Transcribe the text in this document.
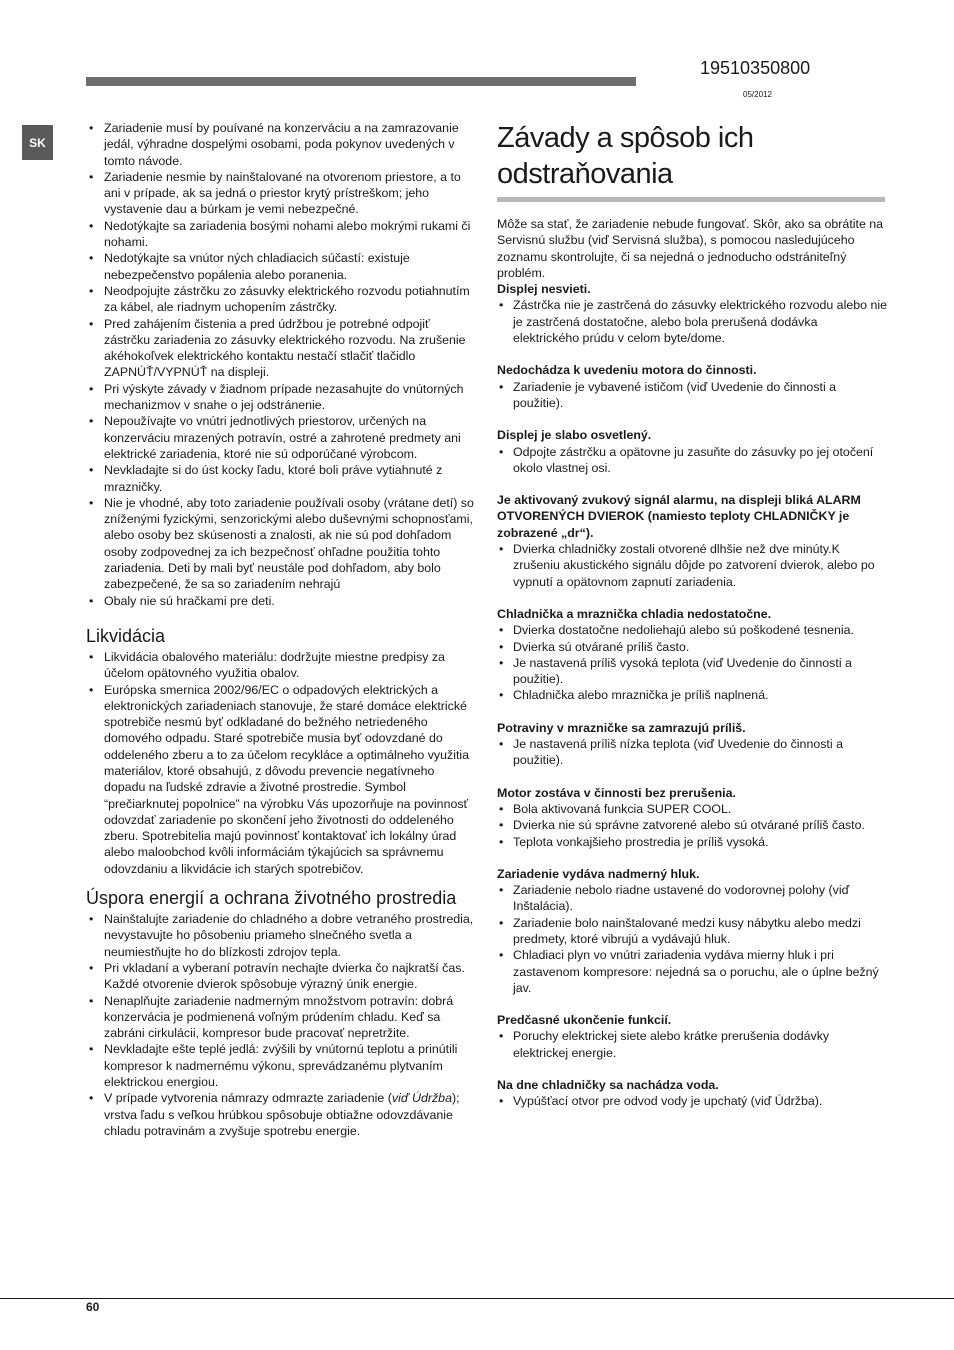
19510350800
05/2012
SK
• Zariadenie musí by pouívané na konzerváciu a na zamrazovanie jedál, výhradne dospelými osobami, poda pokynov uvedených v tomto návode.
• Zariadenie nesmie by nainštalované na otvorenom priestore, a to ani v prípade, ak sa jedná o priestor krytý prístreškom; jeho vystavenie dau a búrkam je vemi nebezpečné.
• Nedotýkajte sa zariadenia bosými nohami alebo mokrými rukami či nohami.
• Nedotýkajte sa vnútor ných chladiacich súčastí: existuje nebezpečenstvo popálenia alebo poranenia.
• Neodpojujte zástrčku zo zásuvky elektrického rozvodu potiahnutím za kábel, ale riadnym uchopením zástrčky.
• Pred zahájením čistenia a pred údržbou je potrebné odpojiť zástrčku zariadenia zo zásuvky elektrického rozvodu. Na zrušenie akéhokoľvek elektrického kontaktu nestačí stlačiť tlačidlo ZAPNÚŤ/VYPNÚŤ na displeji.
• Pri výskyte závady v žiadnom prípade nezasahujte do vnútorných mechanizmov v snahe o jej odstránenie.
• Nepoužívajte vo vnútri jednotlivých priestorov, určených na konzerváciu mrazených potravín, ostré a zahrotené predmety ani elektrické zariadenia, ktoré nie sú odporúčané výrobcom.
• Nevkladajte si do úst kocky ľadu, ktoré boli práve vytiahnuté z mrazničky.
• Nie je vhodné, aby toto zariadenie používali osoby (vrátane detí) so zníženými fyzickými, senzorickými alebo duševnými schopnosťami, alebo osoby bez skúsenosti a znalosti, ak nie sú pod dohľadom osoby zodpovednej za ich bezpečnosť ohľadne použitia tohto zariadenia. Deti by mali byť neustále pod dohľadom, aby bolo zabezpečené, že sa so zariadením nehrajú
• Obaly nie sú hračkami pre deti.
Likvidácia
• Likvidácia obalového materiálu: dodržujte miestne predpisy za účelom opätovného využitia obalov.
• Európska smernica 2002/96/EC o odpadových elektrických a elektronických zariadeniach stanovuje, že staré domáce elektrické spotrebiče nesmú byť odkladané do bežného netriedeného domového odpadu. Staré spotrebiče musia byť odovzdané do oddeleného zberu a to za účelom recykláce a optimálneho využitia materiálov, ktoré obsahujú, z dôvodu prevencie negatívneho dopadu na ľudské zdravie a životné prostredie. Symbol “prečiarknutej popolnice” na výrobku Vás upozorňuje na povinnosť odovzdať zariadenie po skončení jeho životnosti do oddeleného zberu. Spotrebitelia majú povinnosť kontaktovať ich lokálny úrad alebo maloobchod kvôli informáciám týkajúcich sa správnemu odovzdaniu a likvidácie ich starých spotrebičov.
Úspora energií a ochrana životného prostredia
• Nainštalujte zariadenie do chladného a dobre vetraného prostredia, nevystavujte ho pôsobeniu priameho slnečného svetla a neumiestňujte ho do blízkosti zdrojov tepla.
• Pri vkladaní a vyberaní potravín nechajte dvierka čo najkratší čas. Každé otvorenie dvierok spôsobuje výrazný únik energie.
• Nenaplňujte zariadenie nadmerným množstvom potravín: dobrá konzervácia je podmienená voľným prúdením chladu. Keď sa zabráni cirkulácii, kompresor bude pracovať nepretržite.
• Nevkladajte ešte teplé jedlá: zvýšili by vnútornú teplotu a prinútili kompresor k nadmernému výkonu, sprevádzanému plytvaním elektrickou energiou.
• V prípade vytvorenia námrazy odmrazte zariadenie (viď Údržba); vrstva ľadu s veľkou hrúbkou spôsobuje obtiažne odovzdávanie chladu potravinám a zvyšuje spotrebu energie.
Závady a spôsob ich odstraňovania

Môže sa stať, že zariadenie nebude fungovať. Skôr, ako sa obrátite na Servisnú službu (viď Servisná služba), s pomocou nasledujúceho zoznamu skontrolujte, či sa nejedná o jednoducho odstrániteľný problém.

Displej nesvieti.

• Zástrčka nie je zastrčená do zásuvky elektrického rozvodu alebo nie je zastrčená dostatočne, alebo bola prerušená dodávka elektrického prúdu v celom byte/dome.

Nedochádza k uvedeniu motora do činnosti.

• Zariadenie je vybavené ističom (viď Uvedenie do činnosti a použitie).

Displej je slabo osvetlený.

• Odpojte zástrčku a opätovne ju zasuňte do zásuvky po jej otočení okolo vlastnej osi.

Je aktivovaný zvukový signál alarmu, na displeji bliká ALARM OTVORENÝCH DVIEROK (namiesto teploty CHLADNIČKY je zobrazené „dr“).

• Dvierka chladničky zostali otvorené dlhšie než dve minúty.K zrušeniu akustického signálu dôjde po zatvorení dvierok, alebo po vypnutí a opätovnom zapnutí zariadenia.

Chladnička a mraznička chladia nedostatočne.

• Dvierka dostatočne nedoliehajú alebo sú poškodené tesnenia.
• Dvierka sú otvárané príliš často.
• Je nastavená príliš vysoká teplota (viď Uvedenie do činnosti a použitie).
• Chladnička alebo mraznička je príliš naplnená.

Potraviny v mrazničke sa zamrazujú príliš.

• Je nastavená príliš nízka teplota (viď Uvedenie do činnosti a použitie).

Motor zostáva v činnosti bez prerušenia.

• Bola aktivovaná funkcia SUPER COOL.
• Dvierka nie sú správne zatvorené alebo sú otvárané príliš často.
• Teplota vonkajšieho prostredia je príliš vysoká.

Zariadenie vydáva nadmerný hluk.

• Zariadenie nebolo riadne ustavené do vodorovnej polohy (viď Inštalácia).
• Zariadenie bolo nainštalované medzi kusy nábytku alebo medzi predmety, ktoré vibrujú a vydávajú hluk.
• Chladiaci plyn vo vnútri zariadenia vydáva mierny hluk i pri zastavenom kompresore: nejedná sa o poruchu, ale o úplne bežný jav.

Predčasné ukončenie funkcií.

• Poruchy elektrickej siete alebo krátke prerušenia dodávky elektrickej energie.

Na dne chladničky sa nachádza voda.

• Vypúšťací otvor pre odvod vody je upchatý (viď Údržba).
60
